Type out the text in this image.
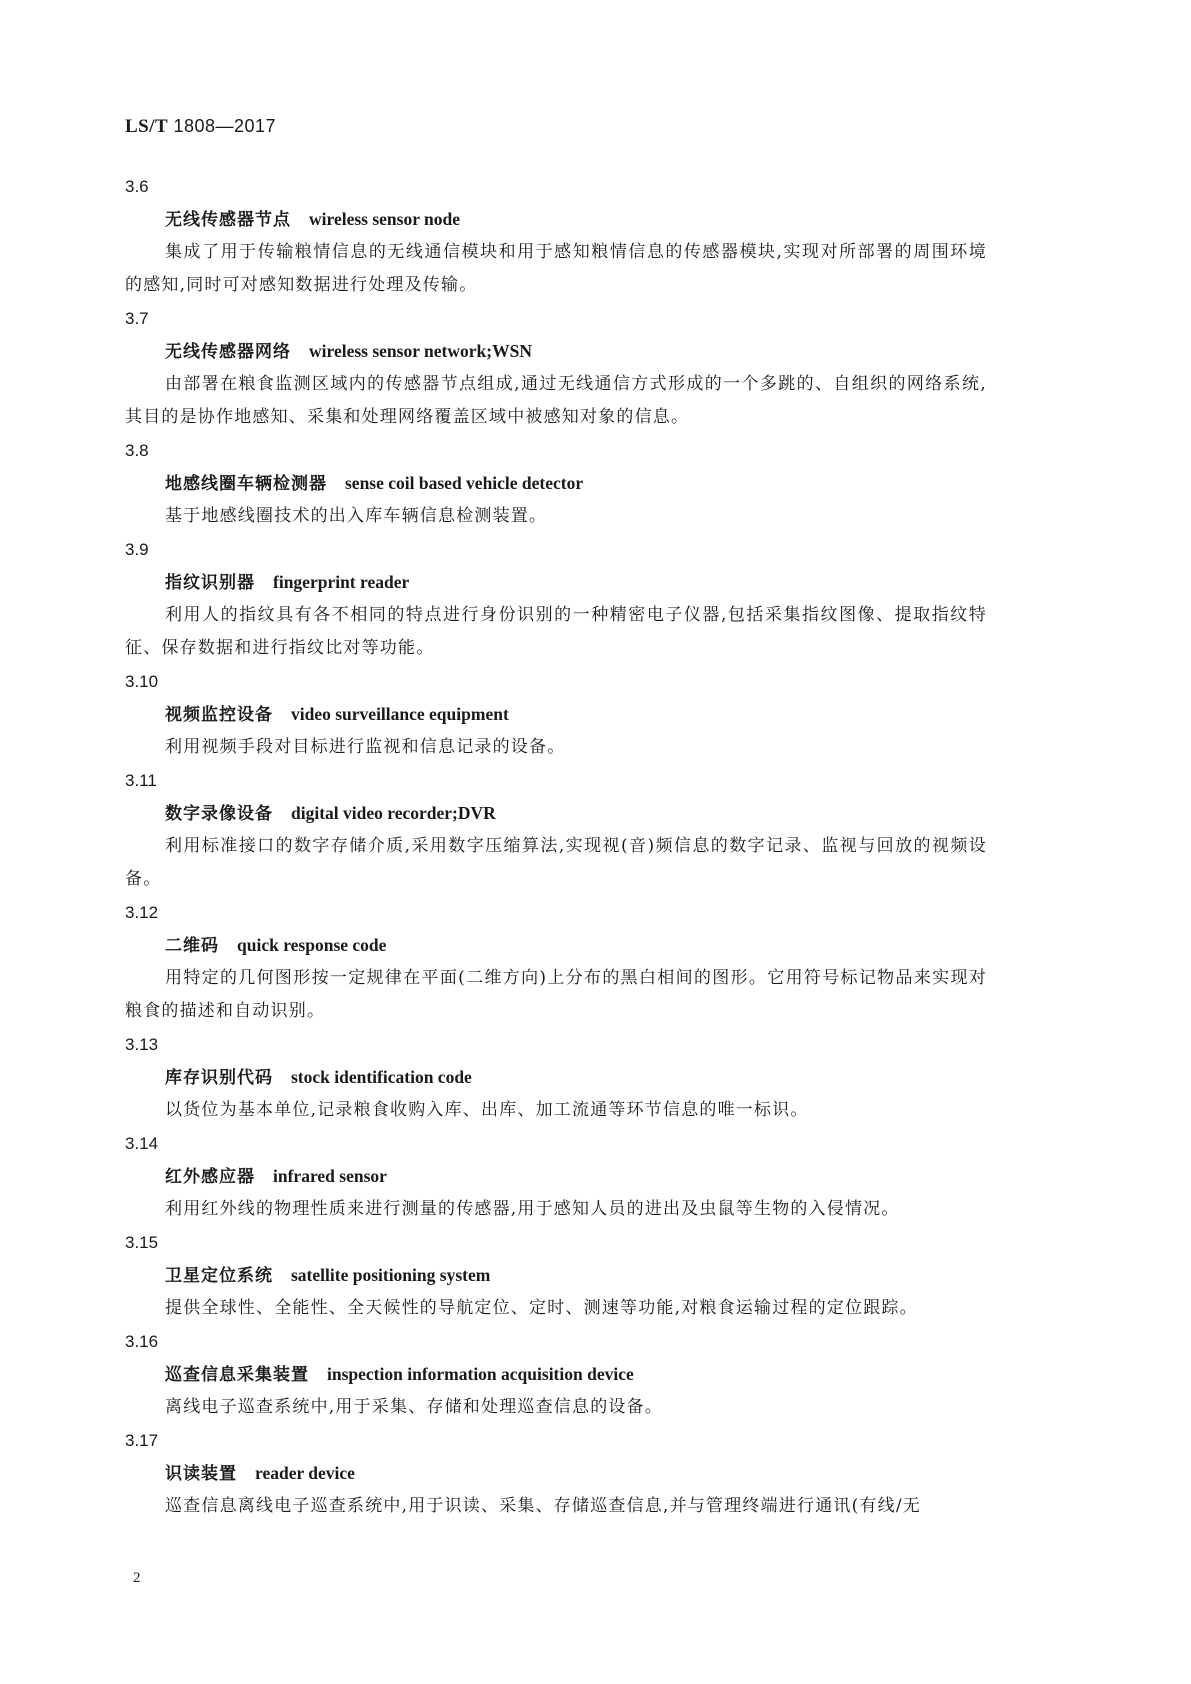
LS/T 1808—2017
3.6
无线传感器节点 wireless sensor node
集成了用于传输粮情信息的无线通信模块和用于感知粮情信息的传感器模块,实现对所部署的周围环境的感知,同时可对感知数据进行处理及传输。
3.7
无线传感器网络 wireless sensor network;WSN
由部署在粮食监测区域内的传感器节点组成,通过无线通信方式形成的一个多跳的、自组织的网络系统,其目的是协作地感知、采集和处理网络覆盖区域中被感知对象的信息。
3.8
地感线圈车辆检测器 sense coil based vehicle detector
基于地感线圈技术的出入库车辆信息检测装置。
3.9
指纹识别器 fingerprint reader
利用人的指纹具有各不相同的特点进行身份识别的一种精密电子仪器,包括采集指纹图像、提取指纹特征、保存数据和进行指纹比对等功能。
3.10
视频监控设备 video surveillance equipment
利用视频手段对目标进行监视和信息记录的设备。
3.11
数字录像设备 digital video recorder;DVR
利用标准接口的数字存储介质,采用数字压缩算法,实现视(音)频信息的数字记录、监视与回放的视频设备。
3.12
二维码 quick response code
用特定的几何图形按一定规律在平面(二维方向)上分布的黑白相间的图形。它用符号标记物品来实现对粮食的描述和自动识别。
3.13
库存识别代码 stock identification code
以货位为基本单位,记录粮食收购入库、出库、加工流通等环节信息的唯一标识。
3.14
红外感应器 infrared sensor
利用红外线的物理性质来进行测量的传感器,用于感知人员的进出及虫鼠等生物的入侵情况。
3.15
卫星定位系统 satellite positioning system
提供全球性、全能性、全天候性的导航定位、定时、测速等功能,对粮食运输过程的定位跟踪。
3.16
巡查信息采集装置 inspection information acquisition device
离线电子巡查系统中,用于采集、存储和处理巡查信息的设备。
3.17
识读装置 reader device
巡查信息离线电子巡查系统中,用于识读、采集、存储巡查信息,并与管理终端进行通讯(有线/无
2
